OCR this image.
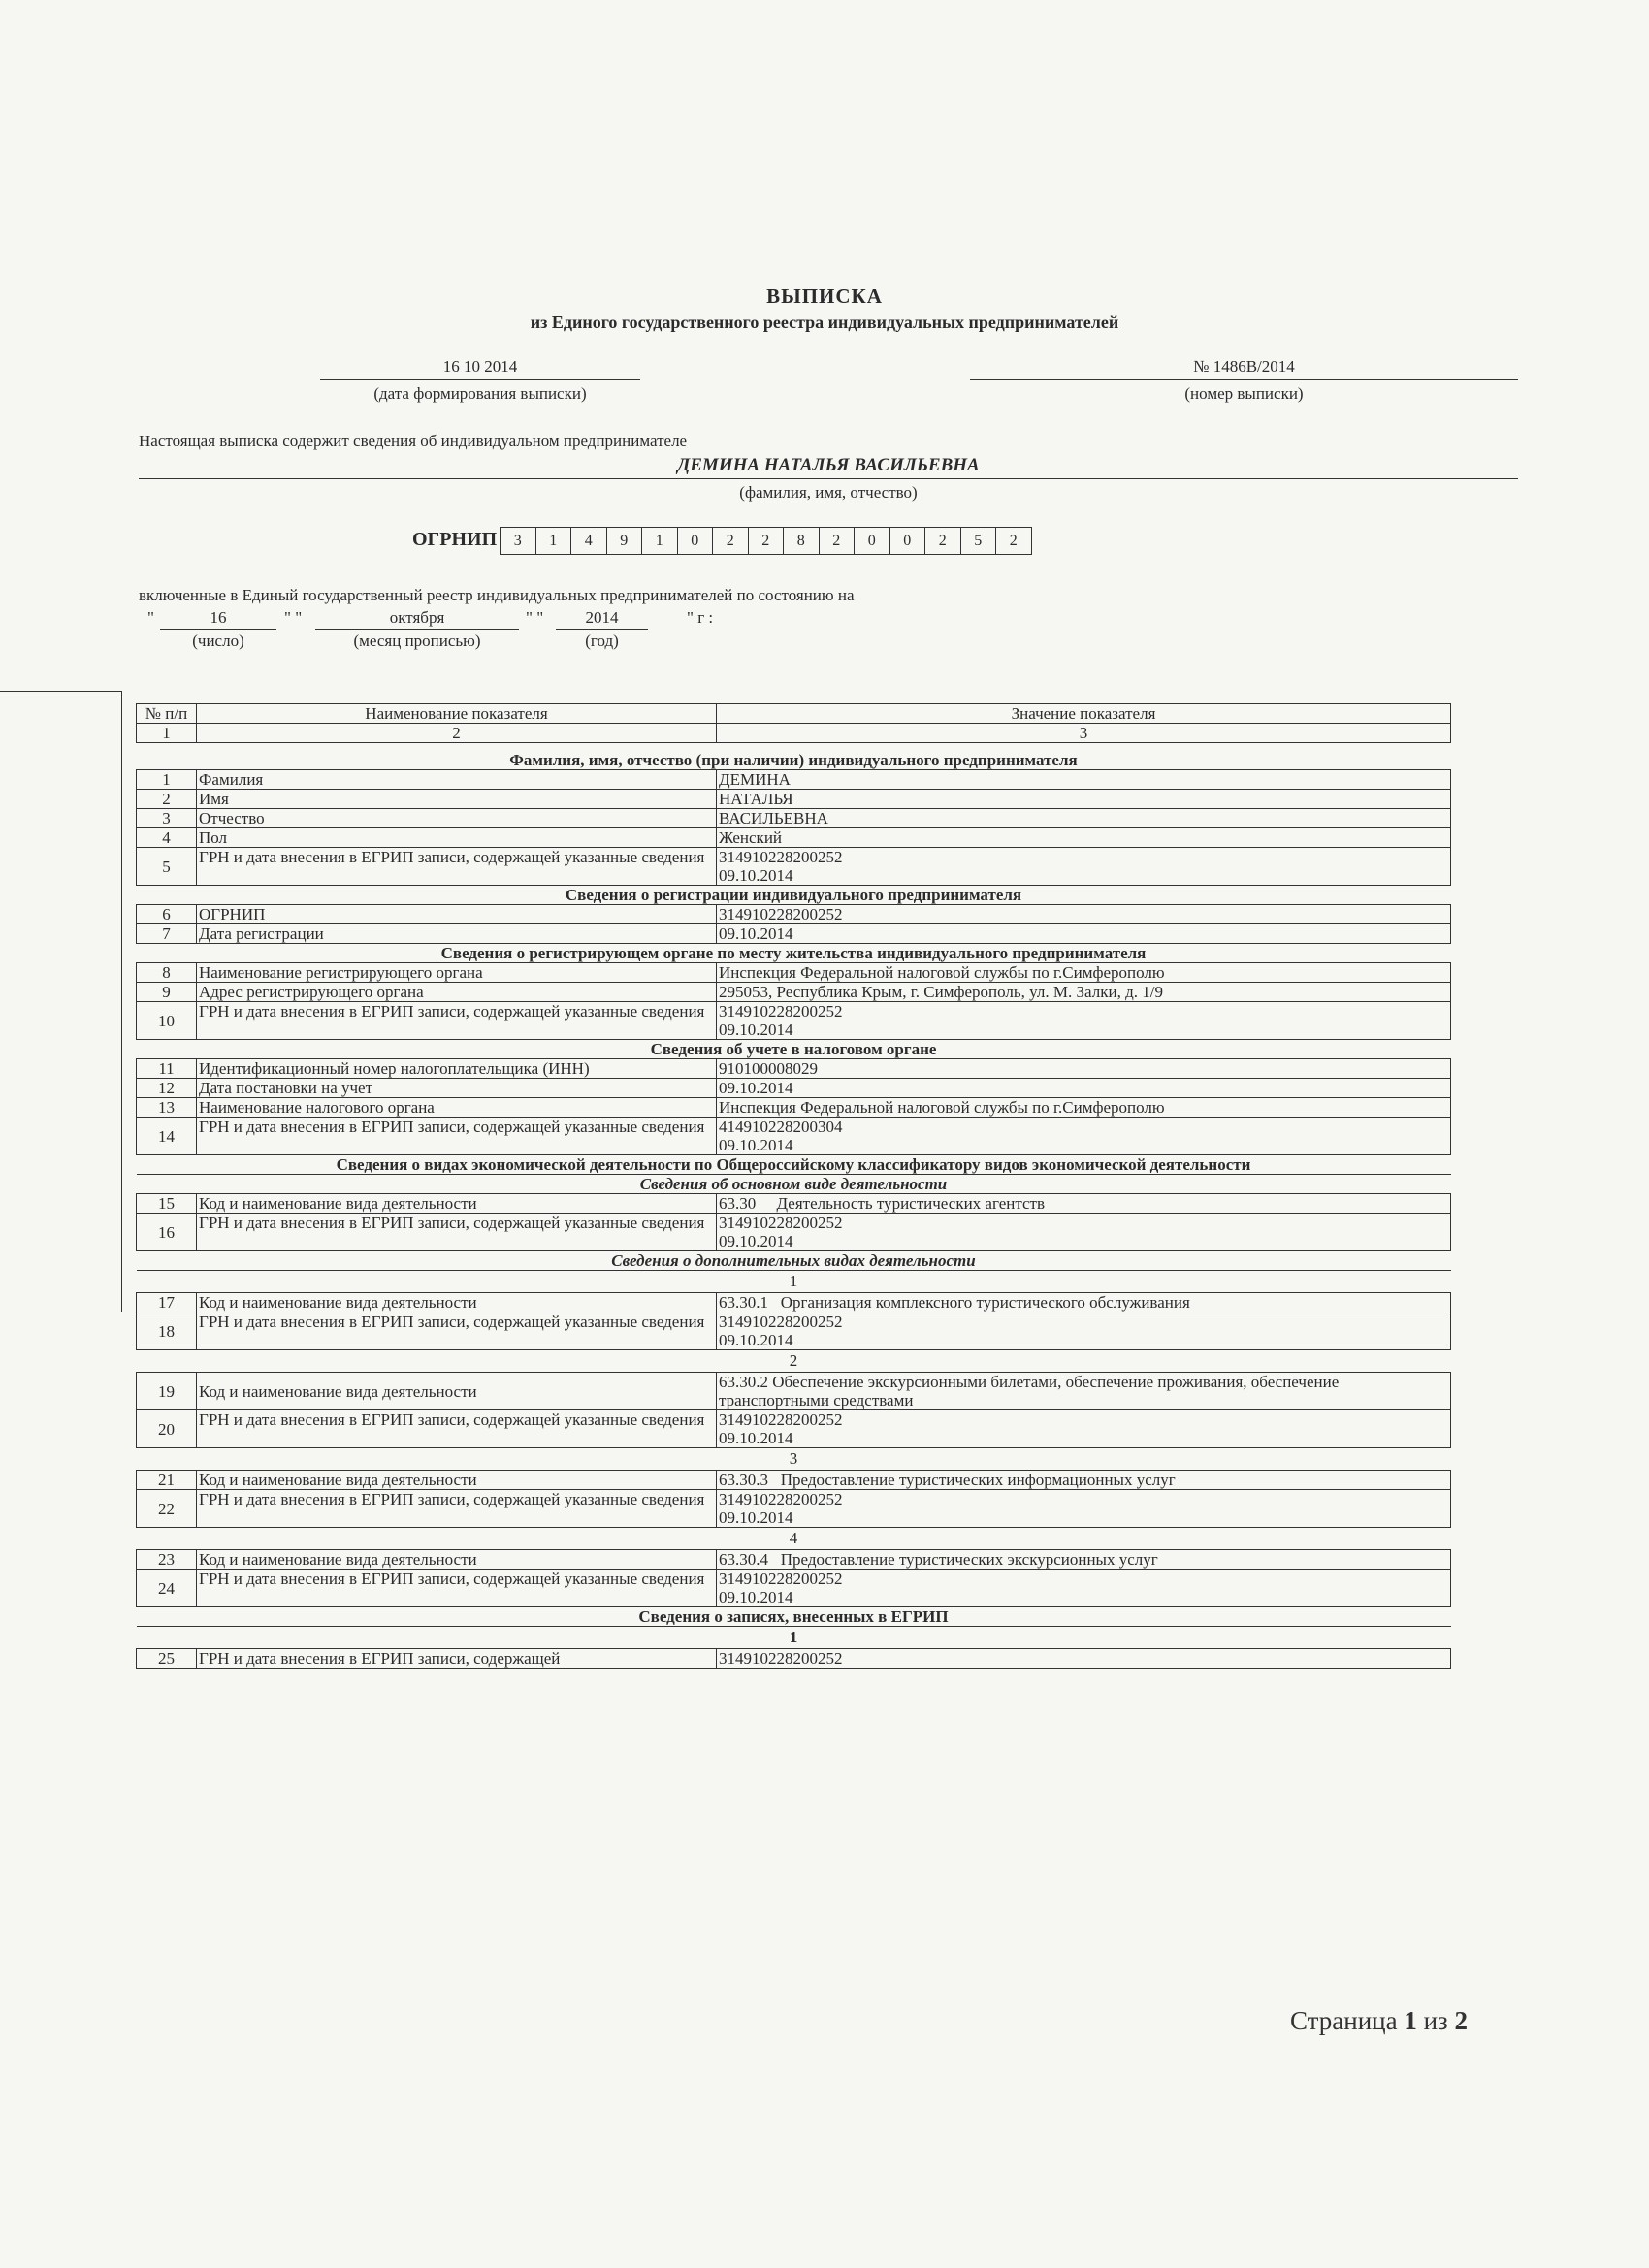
ВЫПИСКА
из Единого государственного реестра индивидуальных предпринимателей
16 10 2014
(дата формирования выписки)
№ 1486В/2014
(номер выписки)
Настоящая выписка содержит сведения об индивидуальном предпринимателе
ДЕМИНА НАТАЛЬЯ ВАСИЛЬЕВНА
(фамилия, имя, отчество)
ОГРНИП	3	1	4	9	1	0	2	2	8	2	0	0	2	5	2
включенные в Единый государственный реестр индивидуальных предпринимателей по состоянию на
"	16	" "	октября	" "	2014	" г :
(число)	(месяц прописью)	(год)
№ п/п	Наименование показателя	Значение показателя
1	2	3

Фамилия, имя, отчество (при наличии) индивидуального предпринимателя		
1	Фамилия	ДЕМИНА
2	Имя	НАТАЛЬЯ
3	Отчество	ВАСИЛЬЕВНА
4	Пол	Женский
5	ГРН и дата внесения в ЕГРИП записи, содержащей указанные сведения	314910228200252
09.10.2014

Сведения о регистрации индивидуального предпринимателя		
6	ОГРНИП	314910228200252
7	Дата регистрации	09.10.2014
Сведения о регистрирующем органе по месту жительства индивидуального предпринимателя		
8	Наименование регистрирующего органа	Инспекция Федеральной налоговой службы по г.Симферополю
9	Адрес регистрирующего органа	295053, Республика Крым, г. Симферополь, ул. М. Залки, д. 1/9
10	ГРН и дата внесения в ЕГРИП записи, содержащей указанные сведения	314910228200252
09.10.2014

Сведения об учете в налоговом органе		
11	Идентификационный номер налогоплательщика (ИНН)	910100008029
12	Дата постановки на учет	09.10.2014
13	Наименование налогового органа	Инспекция Федеральной налоговой службы по г.Симферополю
14	ГРН и дата внесения в ЕГРИП записи, содержащей указанные сведения	414910228200304
09.10.2014

Сведения о видах экономической деятельности по Общероссийскому классификатору видов экономической деятельности		
Сведения об основном виде деятельности		
15	Код и наименование вида деятельности	63.30     Деятельность туристических агентств
16	ГРН и дата внесения в ЕГРИП записи, содержащей указанные сведения	314910228200252
09.10.2014

Сведения о дополнительных видах деятельности		
1		
17	Код и наименование вида деятельности	63.30.1   Организация комплексного туристического обслуживания
18	ГРН и дата внесения в ЕГРИП записи, содержащей указанные сведения	314910228200252
09.10.2014

2		
19	Код и наименование вида деятельности	63.30.2 Обеспечение экскурсионными билетами, обеспечение проживания, обеспечение транспортными средствами
20	ГРН и дата внесения в ЕГРИП записи, содержащей указанные сведения	314910228200252
09.10.2014

3		
21	Код и наименование вида деятельности	63.30.3   Предоставление туристических информационных услуг
22	ГРН и дата внесения в ЕГРИП записи, содержащей указанные сведения	314910228200252
09.10.2014

4		
23	Код и наименование вида деятельности	63.30.4   Предоставление туристических экскурсионных услуг
24	ГРН и дата внесения в ЕГРИП записи, содержащей указанные сведения	314910228200252
09.10.2014

Сведения о записях, внесенных в ЕГРИП		
1		
25	ГРН и дата внесения в ЕГРИП записи, содержащей	314910228200252
Страница 1 из 2
